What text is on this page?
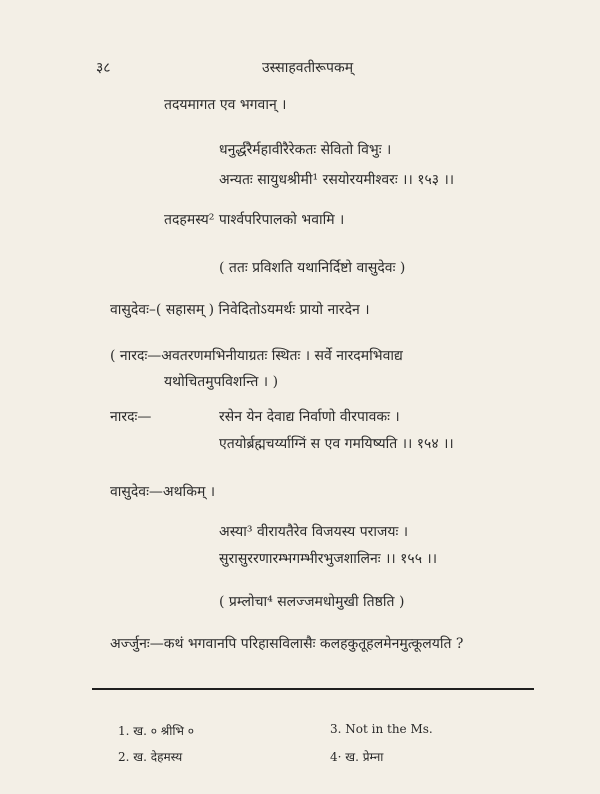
३८	उस्साहवतीरूपकम्
तदयमागत एव भगवान् ।
धनुर्द्धरैर्महावीरैरेकतः सेवितो विभुः ।
अन्यतः सायुधश्रीमी¹ रसयोरयमीश्वरः ।। १५३ ।।
तदहमस्य² पार्श्वपरिपालको भवामि ।
( ततः प्रविशति यथानिर्दिष्टो वासुदेवः )
वासुदेवः–( सहासम् ) निवेदितोऽयमर्थः प्रायो नारदेन ।
( नारदः—अवतरणमभिनीयाग्रतः स्थितः । सर्वे नारदमभिवाद्य
यथोचितमुपविशन्ति । )
नारदः—	रसेन येन देवाद्य निर्वाणो वीरपावकः ।
एतयोर्ब्रह्मचर्य्याग्निं स एव गमयिष्यति ।। १५४ ।।
वासुदेवः—अथकिम् ।
अस्या³ वीरायतैरेव विजयस्य पराजयः ।
सुरासुररणारम्भगम्भीरभुजशालिनः ।। १५५ ।।
( प्रम्लोचा⁴ सलज्जमधोमुखी तिष्ठति )
अर्ज्जुनः—कथं भगवानपि परिहासविलासैः कलहकुतूहलमेनमुत्कूलयति ?
1. ख. ० श्रीभि ०	3. Not in the Ms.
2. ख. देहमस्य	4· ख. प्रेम्ना
